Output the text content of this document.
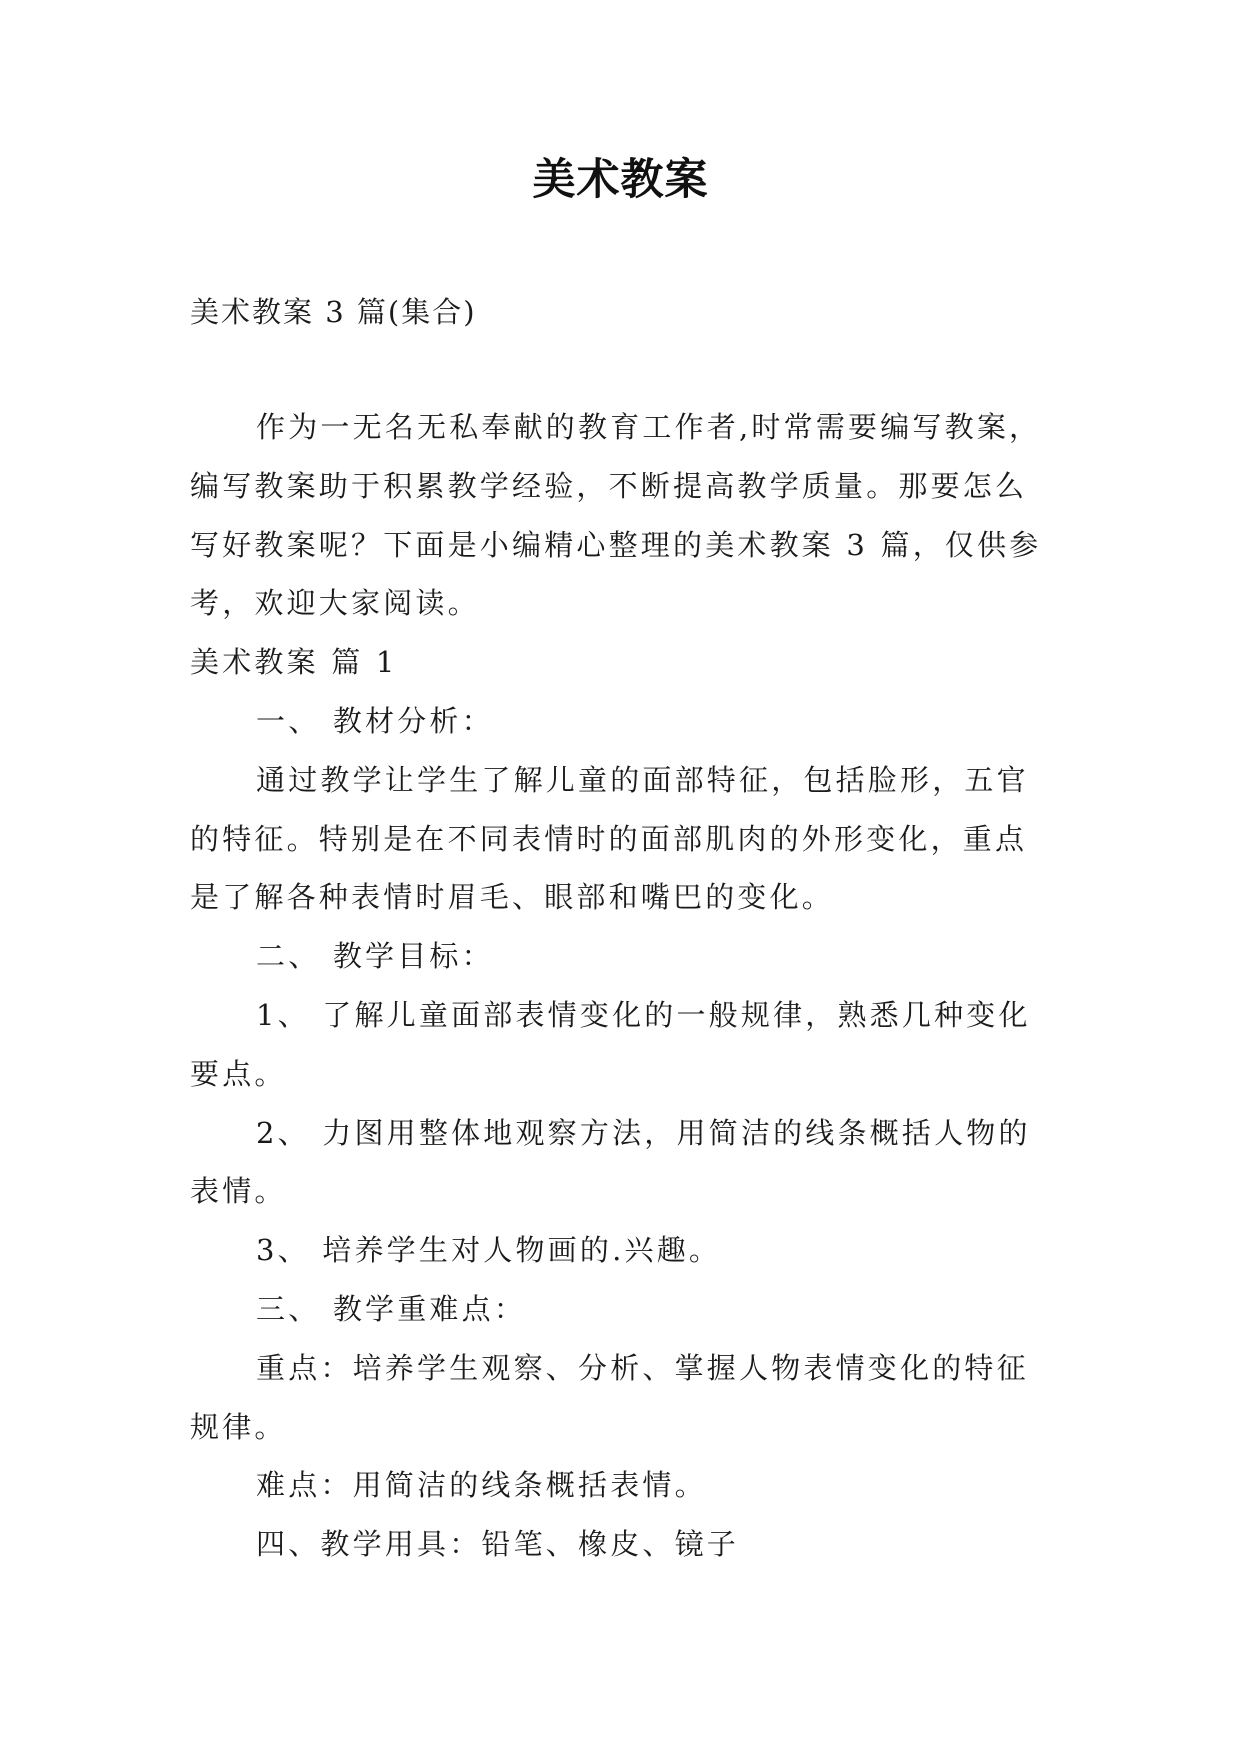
美术教案
美术教案 3 篇(集合)
作为一无名无私奉献的教育工作者,时常需要编写教案，
编写教案助于积累教学经验，不断提高教学质量。那要怎么
写好教案呢？下面是小编精心整理的美术教案 3 篇，仅供参
考，欢迎大家阅读。
美术教案 篇 1
一、 教材分析：
通过教学让学生了解儿童的面部特征，包括脸形，五官
的特征。特别是在不同表情时的面部肌肉的外形变化，重点
是了解各种表情时眉毛、眼部和嘴巴的变化。
二、 教学目标：
1、 了解儿童面部表情变化的一般规律，熟悉几种变化
要点。
2、 力图用整体地观察方法，用简洁的线条概括人物的
表情。
3、 培养学生对人物画的.兴趣。
三、 教学重难点：
重点：培养学生观察、分析、掌握人物表情变化的特征
规律。
难点：用简洁的线条概括表情。
四、教学用具：铅笔、橡皮、镜子
